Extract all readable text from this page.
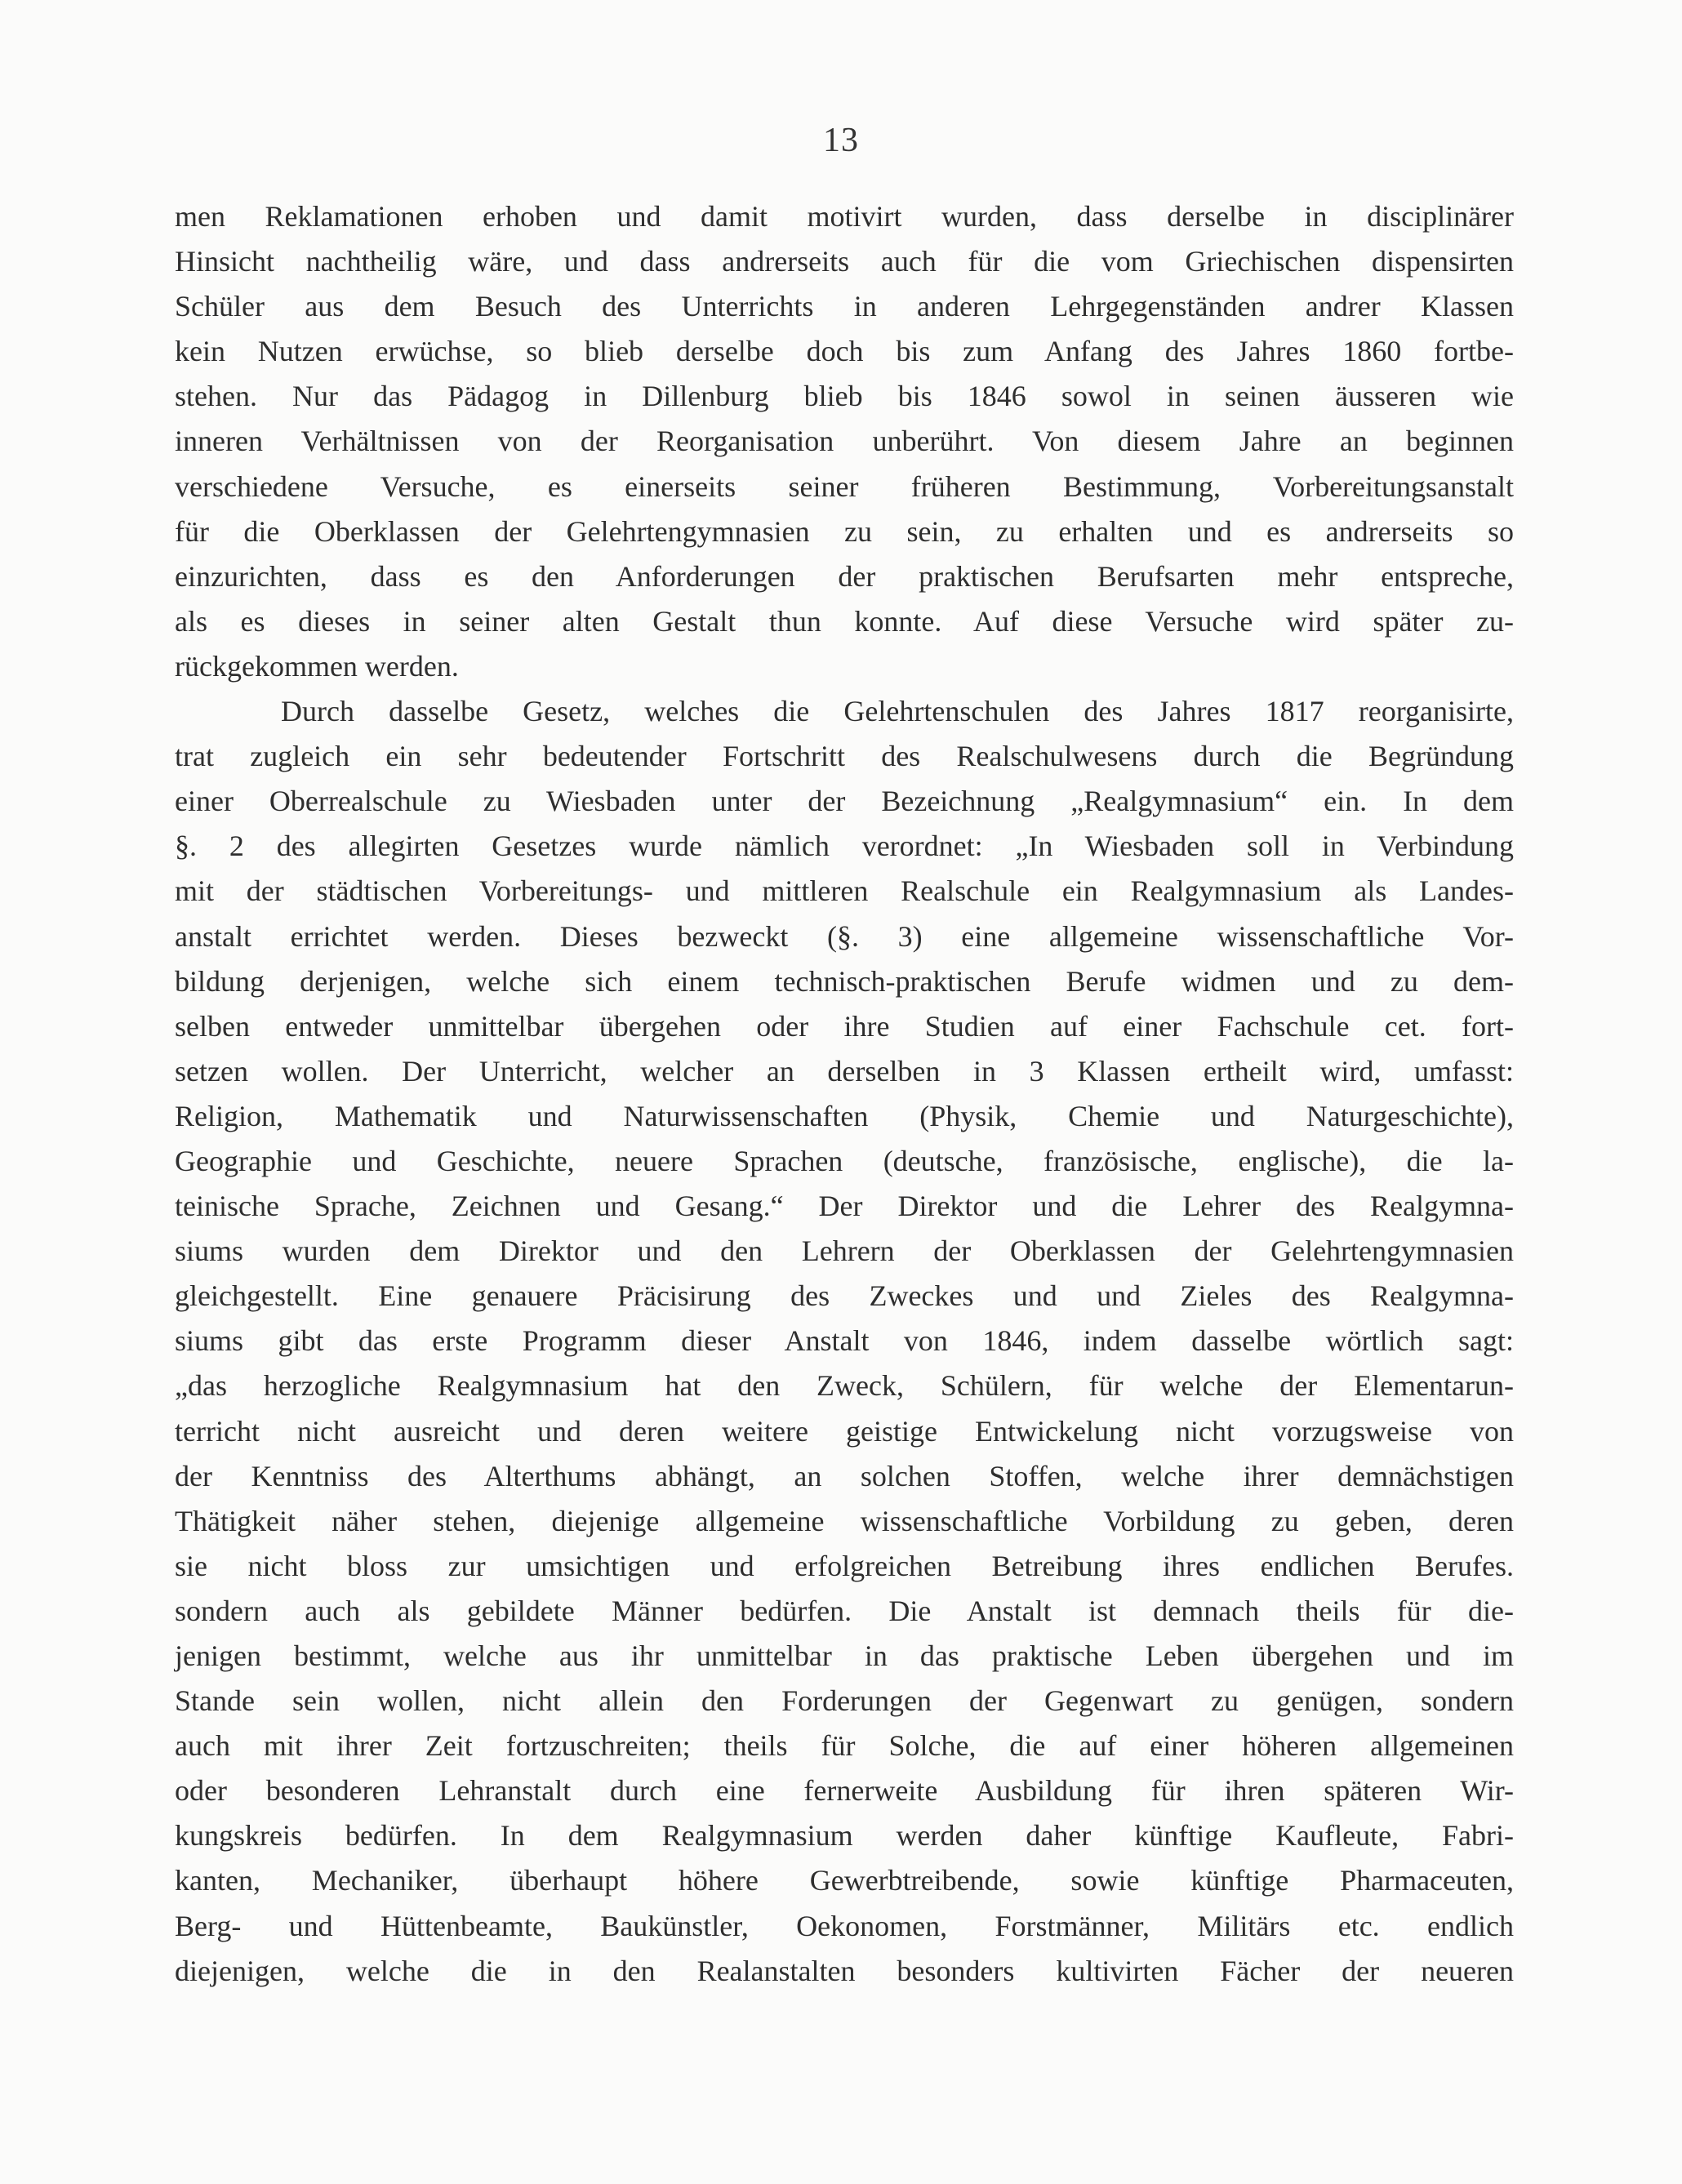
13
men Reklamationen erhoben und damit motivirt wurden, dass derselbe in disciplinärer
Hinsicht nachtheilig wäre, und dass andrerseits auch für die vom Griechischen dispensirten
Schüler aus dem Besuch des Unterrichts in anderen Lehrgegenständen andrer Klassen
kein Nutzen erwüchse, so blieb derselbe doch bis zum Anfang des Jahres 1860 fortbe-
stehen. Nur das Pädagog in Dillenburg blieb bis 1846 sowol in seinen äusseren wie
inneren Verhältnissen von der Reorganisation unberührt. Von diesem Jahre an beginnen
verschiedene Versuche, es einerseits seiner früheren Bestimmung, Vorbereitungsanstalt
für die Oberklassen der Gelehrtengymnasien zu sein, zu erhalten und es andrerseits so
einzurichten, dass es den Anforderungen der praktischen Berufsarten mehr entspreche,
als es dieses in seiner alten Gestalt thun konnte. Auf diese Versuche wird später zu-
rückgekommen werden.
Durch dasselbe Gesetz, welches die Gelehrtenschulen des Jahres 1817 reorganisirte,
trat zugleich ein sehr bedeutender Fortschritt des Realschulwesens durch die Begründung
einer Oberrealschule zu Wiesbaden unter der Bezeichnung „Realgymnasium“ ein. In dem
§. 2 des allegirten Gesetzes wurde nämlich verordnet: „In Wiesbaden soll in Verbindung
mit der städtischen Vorbereitungs- und mittleren Realschule ein Realgymnasium als Landes-
anstalt errichtet werden. Dieses bezweckt (§. 3) eine allgemeine wissenschaftliche Vor-
bildung derjenigen, welche sich einem technisch-praktischen Berufe widmen und zu dem-
selben entweder unmittelbar übergehen oder ihre Studien auf einer Fachschule cet. fort-
setzen wollen. Der Unterricht, welcher an derselben in 3 Klassen ertheilt wird, umfasst:
Religion, Mathematik und Naturwissenschaften (Physik, Chemie und Naturgeschichte),
Geographie und Geschichte, neuere Sprachen (deutsche, französische, englische), die la-
teinische Sprache, Zeichnen und Gesang.“ Der Direktor und die Lehrer des Realgymna-
siums wurden dem Direktor und den Lehrern der Oberklassen der Gelehrtengymnasien
gleichgestellt. Eine genauere Präcisirung des Zweckes und und Zieles des Realgymna-
siums gibt das erste Programm dieser Anstalt von 1846, indem dasselbe wörtlich sagt:
„das herzogliche Realgymnasium hat den Zweck, Schülern, für welche der Elementarun-
terricht nicht ausreicht und deren weitere geistige Entwickelung nicht vorzugsweise von
der Kenntniss des Alterthums abhängt, an solchen Stoffen, welche ihrer demnächstigen
Thätigkeit näher stehen, diejenige allgemeine wissenschaftliche Vorbildung zu geben, deren
sie nicht bloss zur umsichtigen und erfolgreichen Betreibung ihres endlichen Berufes.
sondern auch als gebildete Männer bedürfen. Die Anstalt ist demnach theils für die-
jenigen bestimmt, welche aus ihr unmittelbar in das praktische Leben übergehen und im
Stande sein wollen, nicht allein den Forderungen der Gegenwart zu genügen, sondern
auch mit ihrer Zeit fortzuschreiten; theils für Solche, die auf einer höheren allgemeinen
oder besonderen Lehranstalt durch eine fernerweite Ausbildung für ihren späteren Wir-
kungskreis bedürfen. In dem Realgymnasium werden daher künftige Kaufleute, Fabri-
kanten, Mechaniker, überhaupt höhere Gewerbtreibende, sowie künftige Pharmaceuten,
Berg- und Hüttenbeamte, Baukünstler, Oekonomen, Forstmänner, Militärs etc. endlich
diejenigen, welche die in den Realanstalten besonders kultivirten Fächer der neueren
